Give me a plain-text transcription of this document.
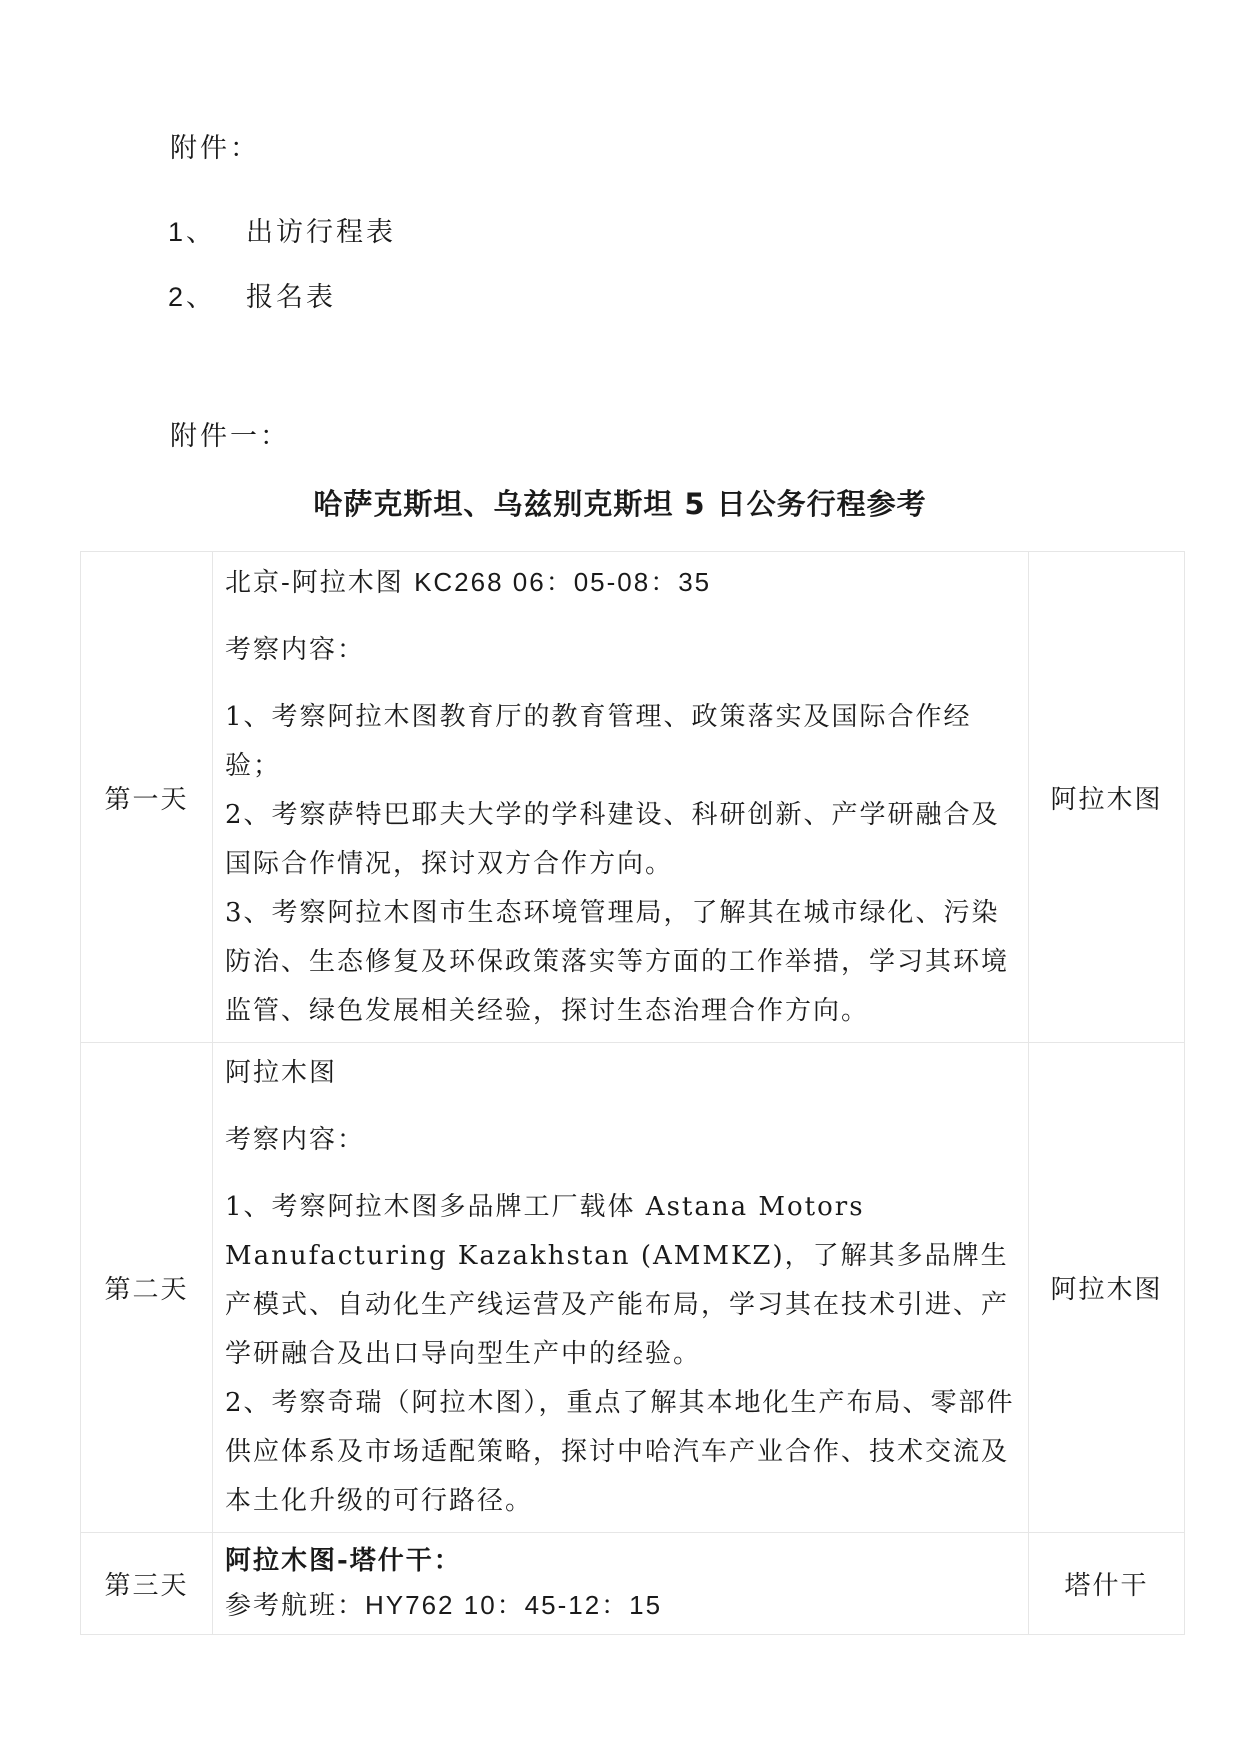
附件：
1、	出访行程表
2、	报名表
附件一：
哈萨克斯坦、乌兹别克斯坦 5 日公务行程参考
第一天	北京-阿拉木图 KC268 06：05-08：35

考察内容：

1、考察阿拉木图教育厅的教育管理、政策落实及国际合作经验；

2、考察萨特巴耶夫大学的学科建设、科研创新、产学研融合及国际合作情况，探讨双方合作方向。

3、考察阿拉木图市生态环境管理局，了解其在城市绿化、污染防治、生态修复及环保政策落实等方面的工作举措，学习其环境监管、绿色发展相关经验，探讨生态治理合作方向。	阿拉木图
第二天	阿拉木图

考察内容：

1、考察阿拉木图多品牌工厂载体 Astana Motors Manufacturing Kazakhstan (AMMKZ)，了解其多品牌生产模式、自动化生产线运营及产能布局，学习其在技术引进、产学研融合及出口导向型生产中的经验。

2、考察奇瑞（阿拉木图），重点了解其本地化生产布局、零部件供应体系及市场适配策略，探讨中哈汽车产业合作、技术交流及本土化升级的可行路径。	阿拉木图
第三天	阿拉木图-塔什干：

参考航班：HY762 10：45-12：15	塔什干
